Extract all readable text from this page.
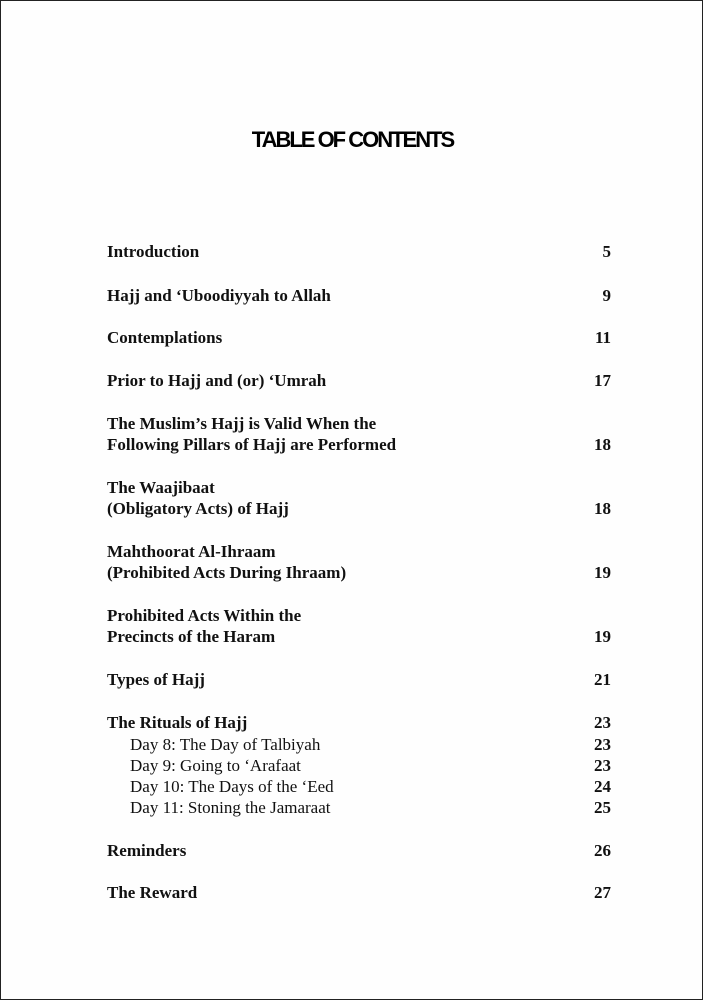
TABLE OF CONTENTS
Introduction	5
Hajj and ‘Uboodiyyah to Allah	9
Contemplations	11
Prior to Hajj and (or) ‘Umrah	17
The Muslim’s Hajj is Valid When the
Following Pillars of Hajj are Performed	18
The Waajibaat
(Obligatory Acts) of Hajj	18
Mahthoorat Al-Ihraam
(Prohibited Acts During Ihraam)	19
Prohibited Acts Within the
Precincts of the Haram	19
Types of Hajj	21
The Rituals of Hajj	23
Day 8: The Day of Talbiyah	23
Day 9: Going to ‘Arafaat	23
Day 10: The Days of the ‘Eed	24
Day 11: Stoning the Jamaraat	25
Reminders	26
The Reward	27
